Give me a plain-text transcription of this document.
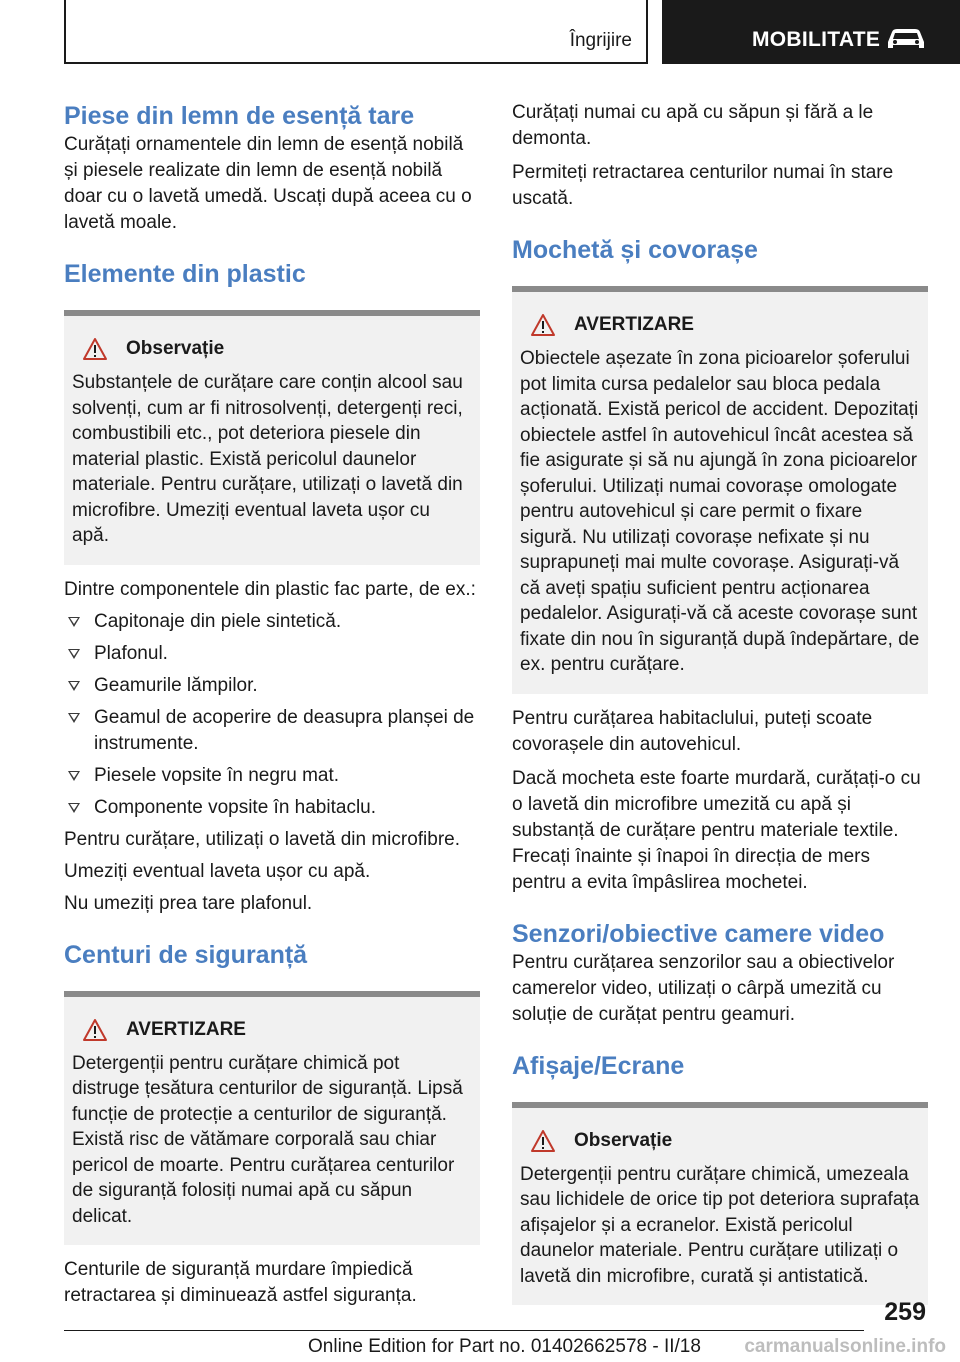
Îngrijire	MOBILITATE
Piese din lemn de esență tare

Curățați ornamentele din lemn de esență nobilă și piesele realizate din lemn de esență nobilă doar cu o lavetă umedă. Uscați după aceea cu o lavetă moale.

Elemente din plastic
Observație

Substanțele de curățare care conțin alcool sau solvenți, cum ar fi nitrosolvenți, detergenți reci, combustibili etc., pot deteriora piesele din material plastic. Există pericolul daunelor materiale. Pentru curățare, utilizați o lavetă din microfibre. Umeziți eventual laveta ușor cu apă.

Dintre componentele din plastic fac parte, de ex.:

Capitonaje din piele sintetică.
Plafonul.
Geamurile lămpilor.
Geamul de acoperire de deasupra planșei de instrumente.
Piesele vopsite în negru mat.
Componente vopsite în habitaclu.

Pentru curățare, utilizați o lavetă din microfibre.

Umeziți eventual laveta ușor cu apă.

Nu umeziți prea tare plafonul.

Centuri de siguranță
AVERTIZARE

Detergenții pentru curățare chimică pot distruge țesătura centurilor de siguranță. Lipsă funcție de protecție a centurilor de siguranță. Există risc de vătămare corporală sau chiar pericol de moarte. Pentru curățarea centurilor de siguranță folosiți numai apă cu săpun delicat.

Centurile de siguranță murdare împiedică retractarea și diminuează astfel siguranța.

Curățați numai cu apă cu săpun și fără a le demonta.

Permiteți retractarea centurilor numai în stare uscată.

Mochetă și covorașe
AVERTIZARE

Obiectele așezate în zona picioarelor șoferului pot limita cursa pedalelor sau bloca pedala acționată. Există pericol de accident. Depozitați obiectele astfel în autovehicul încât acestea să fie asigurate și să nu ajungă în zona picioarelor șoferului. Utilizați numai covorașe omologate pentru autovehicul și care permit o fixare sigură. Nu utilizați covorașe nefixate și nu suprapuneți mai multe covorașe. Asigurați-vă că aveți spațiu suficient pentru acționarea pedalelor. Asigurați-vă că aceste covorașe sunt fixate din nou în siguranță după îndepărtare, de ex. pentru curățare.

Pentru curățarea habitaclului, puteți scoate covorașele din autovehicul.

Dacă mocheta este foarte murdară, curățați-o cu o lavetă din microfibre umezită cu apă și substanță de curățare pentru materiale textile. Frecați înainte și înapoi în direcția de mers pentru a evita împâslirea mochetei.

Senzori/obiective camere video

Pentru curățarea senzorilor sau a obiectivelor camerelor video, utilizați o cârpă umezită cu soluție de curățat pentru geamuri.

Afișaje/Ecrane
Observație

Detergenții pentru curățare chimică, umezeala sau lichidele de orice tip pot deteriora suprafața afișajelor și a ecranelor. Există pericolul daunelor materiale. Pentru curățare utilizați o lavetă din microfibre, curată și antistatică.

259
Online Edition for Part no. 01402662578 - II/18 carmanualsonline.info
